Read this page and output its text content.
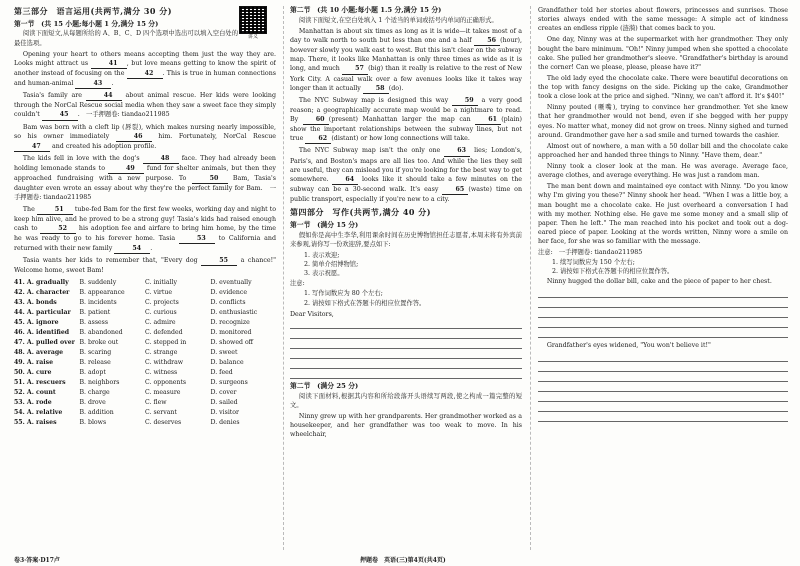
讲义
第三部分　语言运用(共两节,满分 30 分)
第一节　(共 15 小题;每小题 1 分,满分 15 分)
阅读下面短文,从每题所给的 A、B、C、D 四个选项中选出可以填入空白处的最佳选项。
Opening your heart to others means accepting them just the way they are. Looks might attract us	41 , but love means getting to know the spirit of another instead of focusing on the	42 . This is true in human connections and human-animal	43 .
Tasia's family are	44 about animal rescue. Her kids were looking through the NorCal Rescue social media when they saw a sweet face they simply couldn't	45 .　一手押题卷: tiandao211985
Bam was born with a cleft lip (唇裂), which makes nursing nearly impossible, so his owner immediately	46 him. Fortunately, NorCal Rescue 47 and created his adoption profile.
The kids fell in love with the dog's	48 face. They had already been holding lemonade stands to	49 fund for shelter animals, but then they approached fundraising with a new purpose. To	50 Bam, Tasia's daughter even wrote an essay about why they're the perfect family for Bam.　一手押题卷: tiandao211985
The	51 tube-fed Bam for the first few weeks, working day and night to keep him alive, and he proved to be a strong guy! Tasia's kids had raised enough cash to	52 his adoption fee and airfare to bring him home, by the time he was ready to go to his forever home. Tasia	53 to California and returned with their new family	54 .
Tasia wants her kids to remember that, "Every dog	55 a chance!" Welcome home, sweet Bam!
41. A. gradually	B. suddenly	C. initially	D. eventually
42. A. character	B. appearance	C. virtue	D. evidence
43. A. bonds	B. incidents	C. projects	D. conflicts
44. A. particular	B. patient	C. curious	D. enthusiastic
45. A. ignore	B. assess	C. admire	D. recognize
46. A. identified	B. abandoned	C. defended	D. monitored
47. A. pulled over	B. broke out	C. stepped in	D. showed off
48. A. average	B. scaring	C. strange	D. sweet
49. A. raise	B. release	C. withdraw	D. balance
50. A. cure	B. adopt	C. witness	D. feed
51. A. rescuers	B. neighbors	C. opponents	D. surgeons
52. A. count	B. charge	C. measure	D. cover
53. A. rode	B. drove	C. flew	D. sailed
54. A. relative	B. addition	C. servant	D. visitor
55. A. raises	B. blows	C. deserves	D. denies
第二节　(共 10 小题;每小题 1.5 分,满分 15 分)
阅读下面短文,在空白处填入 1 个适当的单词或括号内单词的正确形式。
Manhattan is about six times as long as it is wide—it takes most of a day to walk north to south but less than one and a half 56 (hour), however slowly you walk east to west. But this isn't clear on the subway map. There, it looks like Manhattan is only three times as wide as it is long, and much 57 (big) than it really is relative to the rest of New York City. A casual walk over a few avenues looks like it takes way longer than it actually 58 (do).
The NYC Subway map is designed this way 59 a very good reason; a geographically accurate map would be a nightmare to read. By 60 (present) Manhattan larger the map can 61 (plain) show the important relationships between the subway lines, but not true 62 (distant) or how long connections will take.
The NYC Subway map isn't the only one 63 lies; London's, Paris's, and Boston's maps are all lies too. And while the lies they sell are useful, they can mislead you if you're looking for the best way to get somewhere. 64 looks like it should take a few minutes on the subway can be a 30-second walk. It's easy 65 (waste) time on public transport, especially if you're new to a city.
第四部分　写作(共两节,满分 40 分)
第一节　(满分 15 分)
假如你是高中生李华,利用课余时间在历史博物馆担任志愿者,本周末将有外宾前来参观,请你写一份欢迎辞,要点如下:
1. 表示欢迎;
2. 简单介绍博物馆;
3. 表示祝愿。
注意:
1. 写作词数应为 80 个左右;
2. 请按如下格式在答题卡的相应位置作答。
Dear Visitors,
第二节　(满分 25 分)
阅读下面材料,根据其内容和所给段落开头语续写两段,使之构成一篇完整的短文。
Ninny grew up with her grandparents. Her grandmother worked as a housekeeper, and her grandfather was too weak to move. In his wheelchair,
Grandfather told her stories about flowers, princesses and sunrises. Those stories always ended with the same message: A simple act of kindness creates an endless ripple (涟漪) that comes back to you.
One day, Ninny was at the supermarket with her grandmother. They only bought the bare minimum. "Oh!" Ninny jumped when she spotted a chocolate cake. She pulled her grandmother's sleeve. "Grandfather's birthday is around the corner! Can we please, please, please have it?"
The old lady eyed the chocolate cake. There were beautiful decorations on the top with fancy designs on the side. Picking up the cake, Grandmother took a close look at the price and sighed. "Ninny, we can't afford it. It's $40!"
Ninny pouted (噘嘴), trying to convince her grandmother. Yet she knew that her grandmother would not bend, even if she begged with her puppy eyes. No matter what, money did not grow on trees. Ninny sighed and turned around. Grandmother gave her a sad smile and turned towards the cashier.
Almost out of nowhere, a man with a 50 dollar bill and the chocolate cake approached her and handed three things to Ninny. "Have them, dear."
Ninny took a closer look at the man. He was average. Average face, average clothes, and average everything. He was just a random man.
The man bent down and maintained eye contact with Ninny. "Do you know why I'm giving you these?" Ninny shook her head. "When I was a little boy, a man bought me a chocolate cake. He just overheard a conversation I had with my mother. Nothing else. He gave me some money and a small slip of paper. Then he left." The man reached into his pocket and took out a dog-eared piece of paper. Looking at the words written, Ninny wore a smile on her face, for she was so familiar with the message.
注意: 一手押题卷: tiandao211985
1. 续写词数应为 150 个左右;
2. 请按如下格式在答题卡的相应位置作答。
Ninny hugged the dollar bill, cake and the piece of paper to her chest.
Grandfather's eyes widened, "You won't believe it!"
卷3·答案·D17卢	押题卷　英语(三)第4页(共4页)
